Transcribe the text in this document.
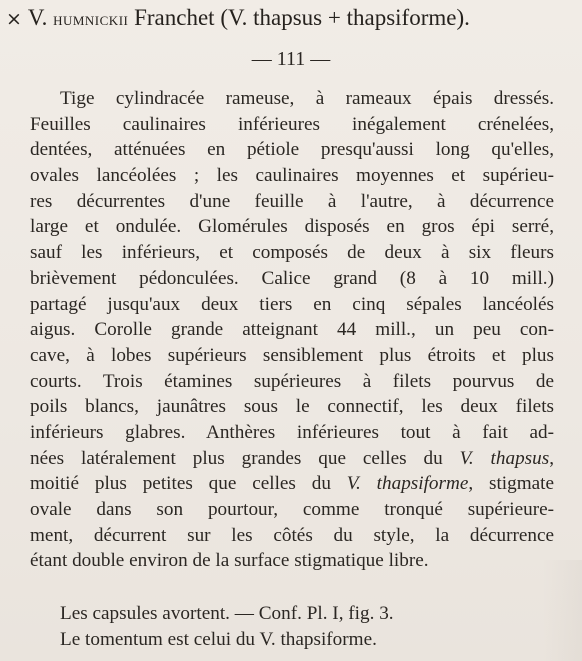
× V. humnickii Franchet (V. thapsus + thapsiforme).
— 111 —
Tige cylindracée rameuse, à rameaux épais dressés.
Feuilles caulinaires inférieures inégalement crénelées,
dentées, atténuées en pétiole presqu'aussi long qu'elles,
ovales lancéolées ; les caulinaires moyennes et supérieu-
res décurrentes d'une feuille à l'autre, à décurrence
large et ondulée. Glomérules disposés en gros épi serré,
sauf les inférieurs, et composés de deux à six fleurs
brièvement pédonculées. Calice grand (8 à 10 mill.)
partagé jusqu'aux deux tiers en cinq sépales lancéolés
aigus. Corolle grande atteignant 44 mill., un peu con-
cave, à lobes supérieurs sensiblement plus étroits et plus
courts. Trois étamines supérieures à filets pourvus de
poils blancs, jaunâtres sous le connectif, les deux filets
inférieurs glabres. Anthères inférieures tout à fait ad-
nées latéralement plus grandes que celles du V. thapsus,
moitié plus petites que celles du V. thapsiforme, stigmate
ovale dans son pourtour, comme tronqué supérieure-
ment, décurrent sur les côtés du style, la décurrence
étant double environ de la surface stigmatique libre.
Les capsules avortent. — Conf. Pl. I, fig. 3.
Le tomentum est celui du V. thapsiforme.
